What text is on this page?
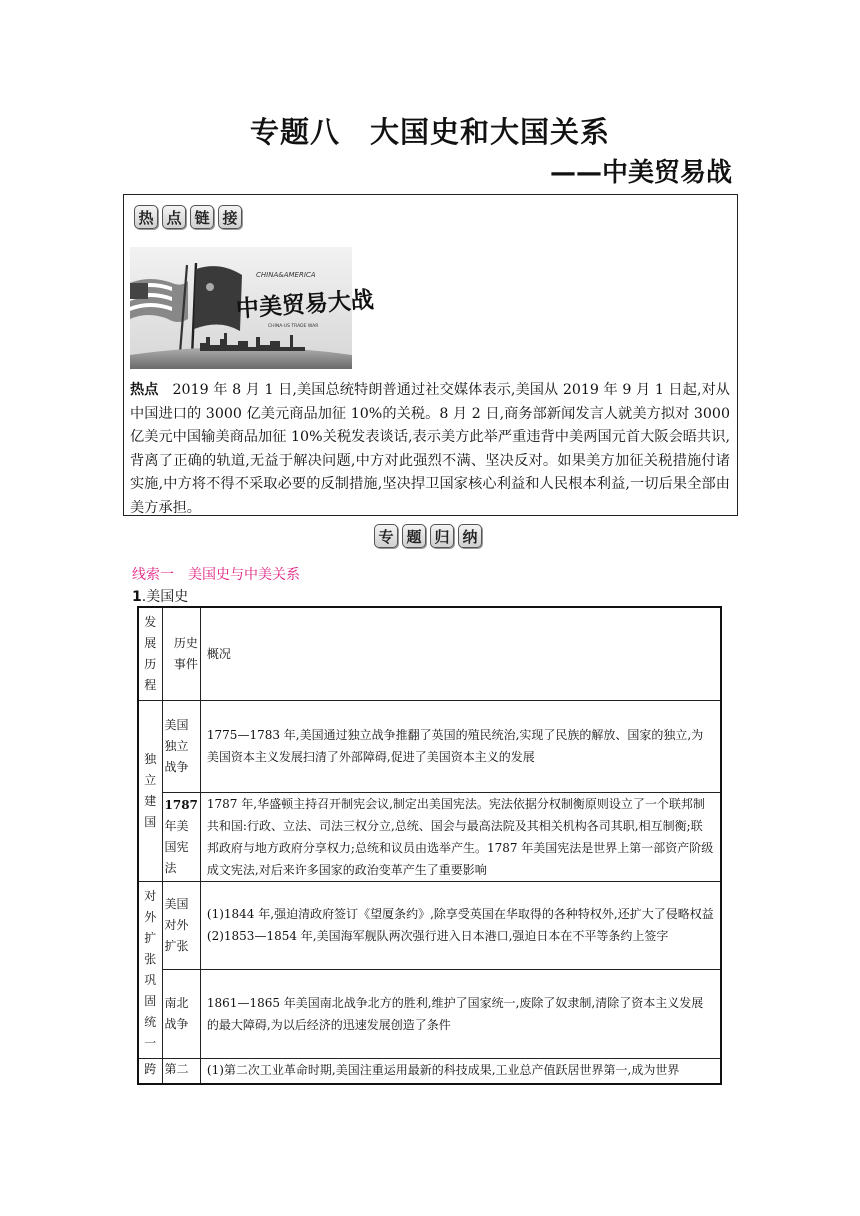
专题八　大国史和大国关系
——中美贸易战
热 点 链 接
CHINA&AMERICA
中美贸易大战
CHINA-US TRADE WAR
热点 2019 年 8 月 1 日,美国总统特朗普通过社交媒体表示,美国从 2019 年 9 月 1 日起,对从中国进口的 3000 亿美元商品加征 10%的关税。8 月 2 日,商务部新闻发言人就美方拟对 3000 亿美元中国输美商品加征 10%关税发表谈话,表示美方此举严重违背中美两国元首大阪会晤共识,背离了正确的轨道,无益于解决问题,中方对此强烈不满、坚决反对。如果美方加征关税措施付诸实施,中方将不得不采取必要的反制措施,坚决捍卫国家核心利益和人民根本利益,一切后果全部由美方承担。
专 题 归 纳
线索一　美国史与中美关系
1.美国史
发展历程	历史事件	概况
独立建国	美国独立战争	1775—1783 年,美国通过独立战争推翻了英国的殖民统治,实现了民族的解放、国家的独立,为美国资本主义发展扫清了外部障碍,促进了美国资本主义的发展
	1787年美国宪法	1787 年,华盛顿主持召开制宪会议,制定出美国宪法。宪法依据分权制衡原则设立了一个联邦制共和国:行政、立法、司法三权分立,总统、国会与最高法院及其相关机构各司其职,相互制衡;联邦政府与地方政府分享权力;总统和议员由选举产生。1787 年美国宪法是世界上第一部资产阶级成文宪法,对后来许多国家的政治变革产生了重要影响
对外扩张巩固统一	美国对外扩张	(1)1844 年,强迫清政府签订《望厦条约》,除享受英国在华取得的各种特权外,还扩大了侵略权益
(2)1853—1854 年,美国海军舰队两次强行进入日本港口,强迫日本在不平等条约上签字

	南北战争	1861—1865 年美国南北战争北方的胜利,维护了国家统一,废除了奴隶制,清除了资本主义发展的最大障碍,为以后经济的迅速发展创造了条件
跨	第二	(1)第二次工业革命时期,美国注重运用最新的科技成果,工业总产值跃居世界第一,成为世界
